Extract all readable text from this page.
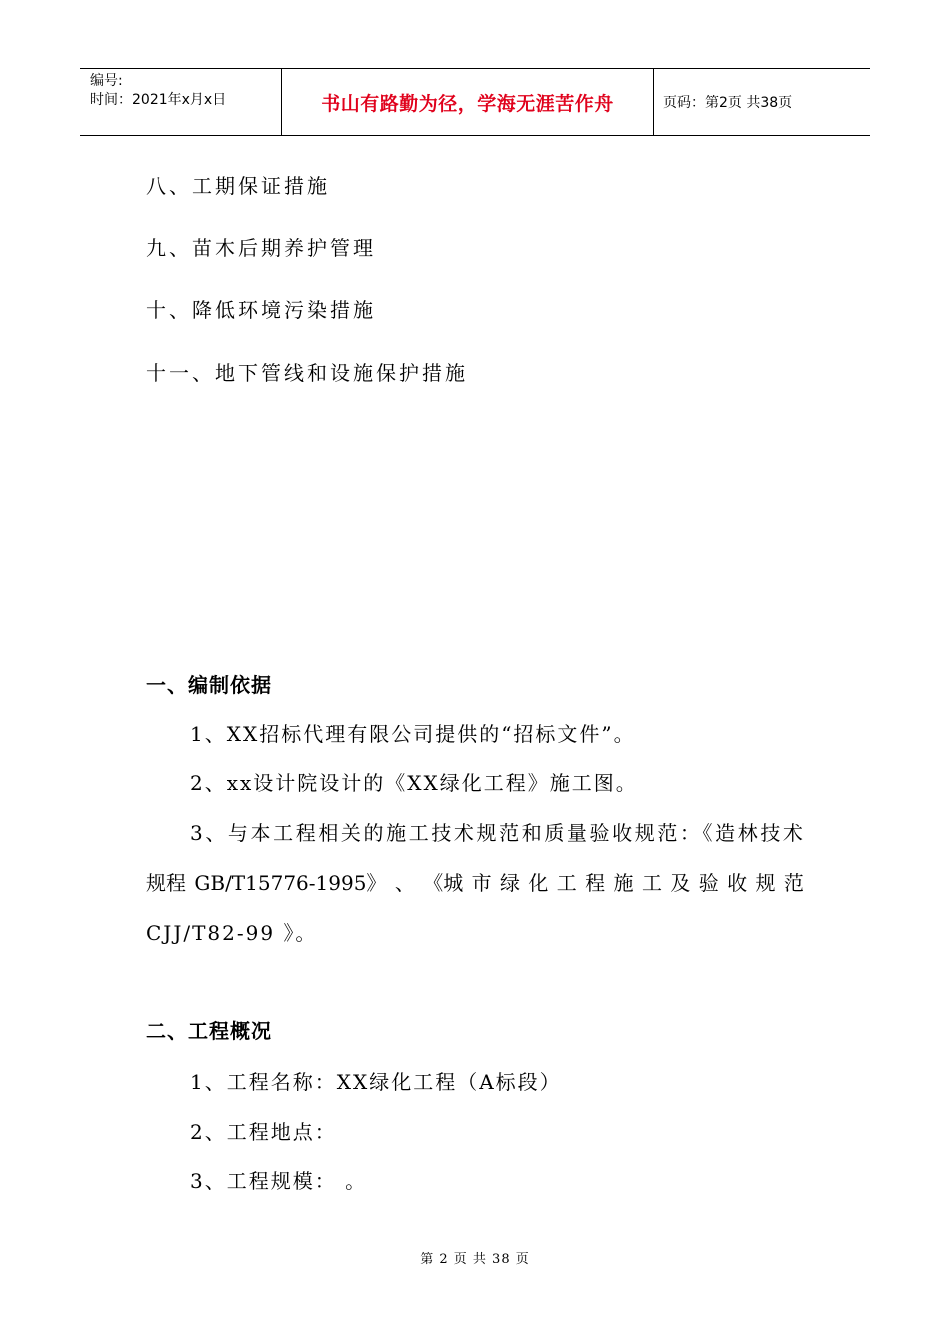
编号:
时间：2021年x月x日	书山有路勤为径，学海无涯苦作舟	页码：第2页 共38页
八、工期保证措施
九、苗木后期养护管理
十、降低环境污染措施
十一、地下管线和设施保护措施
一、编制依据
1、XX招标代理有限公司提供的“招标文件”。
2、xx设计院设计的《XX绿化工程》施工图。
3、与本工程相关的施工技术规范和质量验收规范：《造林技术
规程 GB/T15776-1995》 、 《城 市 绿 化 工 程 施 工 及 验 收 规 范
CJJ/T82-99 》。
二、工程概况
1、工程名称：XX绿化工程（A标段）
2、工程地点：
3、工程规模： 。
第 2 页 共 38 页
